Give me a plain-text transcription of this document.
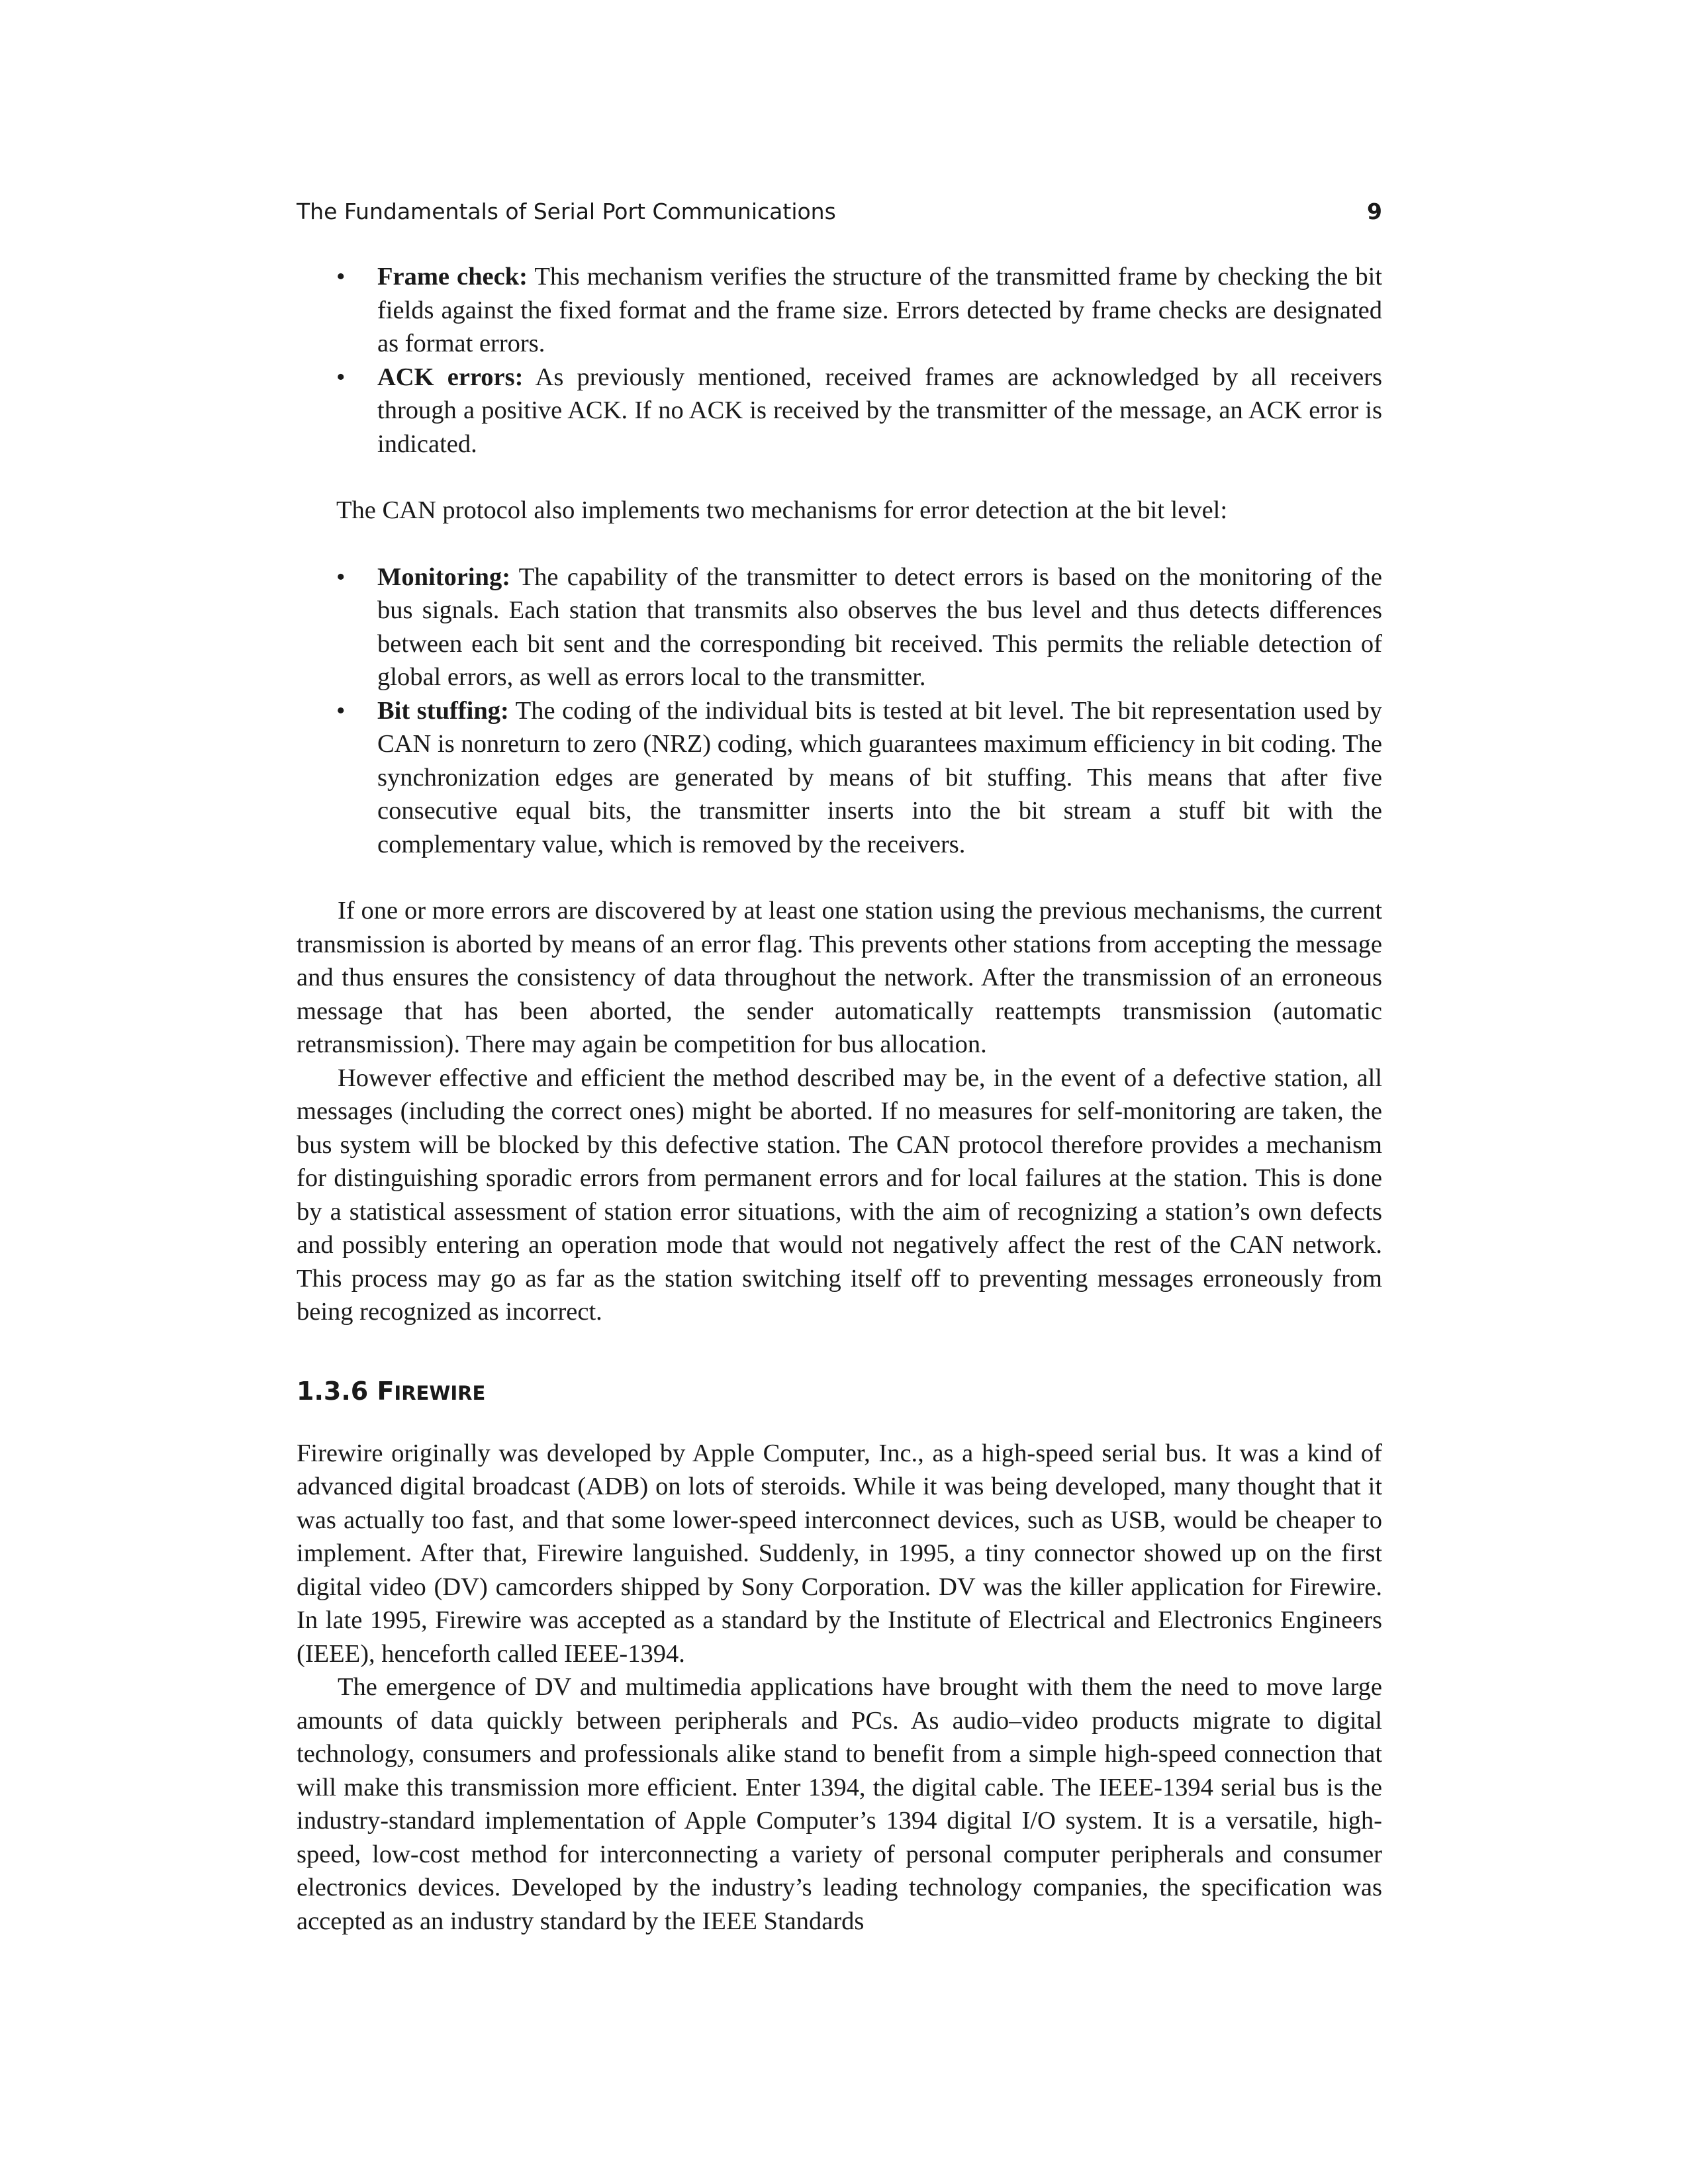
The Fundamentals of Serial Port Communications	9
• Frame check: This mechanism verifies the structure of the transmitted frame by checking the bit fields against the fixed format and the frame size. Errors detected by frame checks are designated as format errors.
• ACK errors: As previously mentioned, received frames are acknowledged by all receivers through a positive ACK. If no ACK is received by the transmitter of the message, an ACK error is indicated.

The CAN protocol also implements two mechanisms for error detection at the bit level:

• Monitoring: The capability of the transmitter to detect errors is based on the monitoring of the bus signals. Each station that transmits also observes the bus level and thus detects differences between each bit sent and the corresponding bit received. This permits the reliable detection of global errors, as well as errors local to the transmitter.
• Bit stuffing: The coding of the individual bits is tested at bit level. The bit representation used by CAN is nonreturn to zero (NRZ) coding, which guarantees maximum efficiency in bit coding. The synchronization edges are generated by means of bit stuffing. This means that after five consecutive equal bits, the transmitter inserts into the bit stream a stuff bit with the complementary value, which is removed by the receivers.

If one or more errors are discovered by at least one station using the previous mechanisms, the current transmission is aborted by means of an error flag. This prevents other stations from accepting the message and thus ensures the consistency of data throughout the network. After the transmission of an erroneous message that has been aborted, the sender automatically reattempts transmission (automatic retransmission). There may again be competition for bus allocation.

However effective and efficient the method described may be, in the event of a defective station, all messages (including the correct ones) might be aborted. If no measures for self-monitoring are taken, the bus system will be blocked by this defective station. The CAN protocol therefore provides a mechanism for distinguishing sporadic errors from permanent errors and for local failures at the station. This is done by a statistical assessment of station error situations, with the aim of recognizing a station’s own defects and possibly entering an operation mode that would not negatively affect the rest of the CAN network. This process may go as far as the station switching itself off to preventing messages erroneously from being recognized as incorrect.

1.3.6 FIREWIRE

Firewire originally was developed by Apple Computer, Inc., as a high-speed serial bus. It was a kind of advanced digital broadcast (ADB) on lots of steroids. While it was being developed, many thought that it was actually too fast, and that some lower-speed interconnect devices, such as USB, would be cheaper to implement. After that, Firewire languished. Suddenly, in 1995, a tiny connector showed up on the first digital video (DV) camcorders shipped by Sony Corporation. DV was the killer application for Firewire. In late 1995, Firewire was accepted as a standard by the Institute of Electrical and Electronics Engineers (IEEE), henceforth called IEEE-1394.

The emergence of DV and multimedia applications have brought with them the need to move large amounts of data quickly between peripherals and PCs. As audio–video products migrate to digital technology, consumers and professionals alike stand to benefit from a simple high-speed connection that will make this transmission more efficient. Enter 1394, the digital cable. The IEEE-1394 serial bus is the industry-standard implementation of Apple Computer’s 1394 digital I/O system. It is a versatile, high-speed, low-cost method for interconnecting a variety of personal computer peripherals and consumer electronics devices. Developed by the industry’s leading technology companies, the specification was accepted as an industry standard by the IEEE Standards
